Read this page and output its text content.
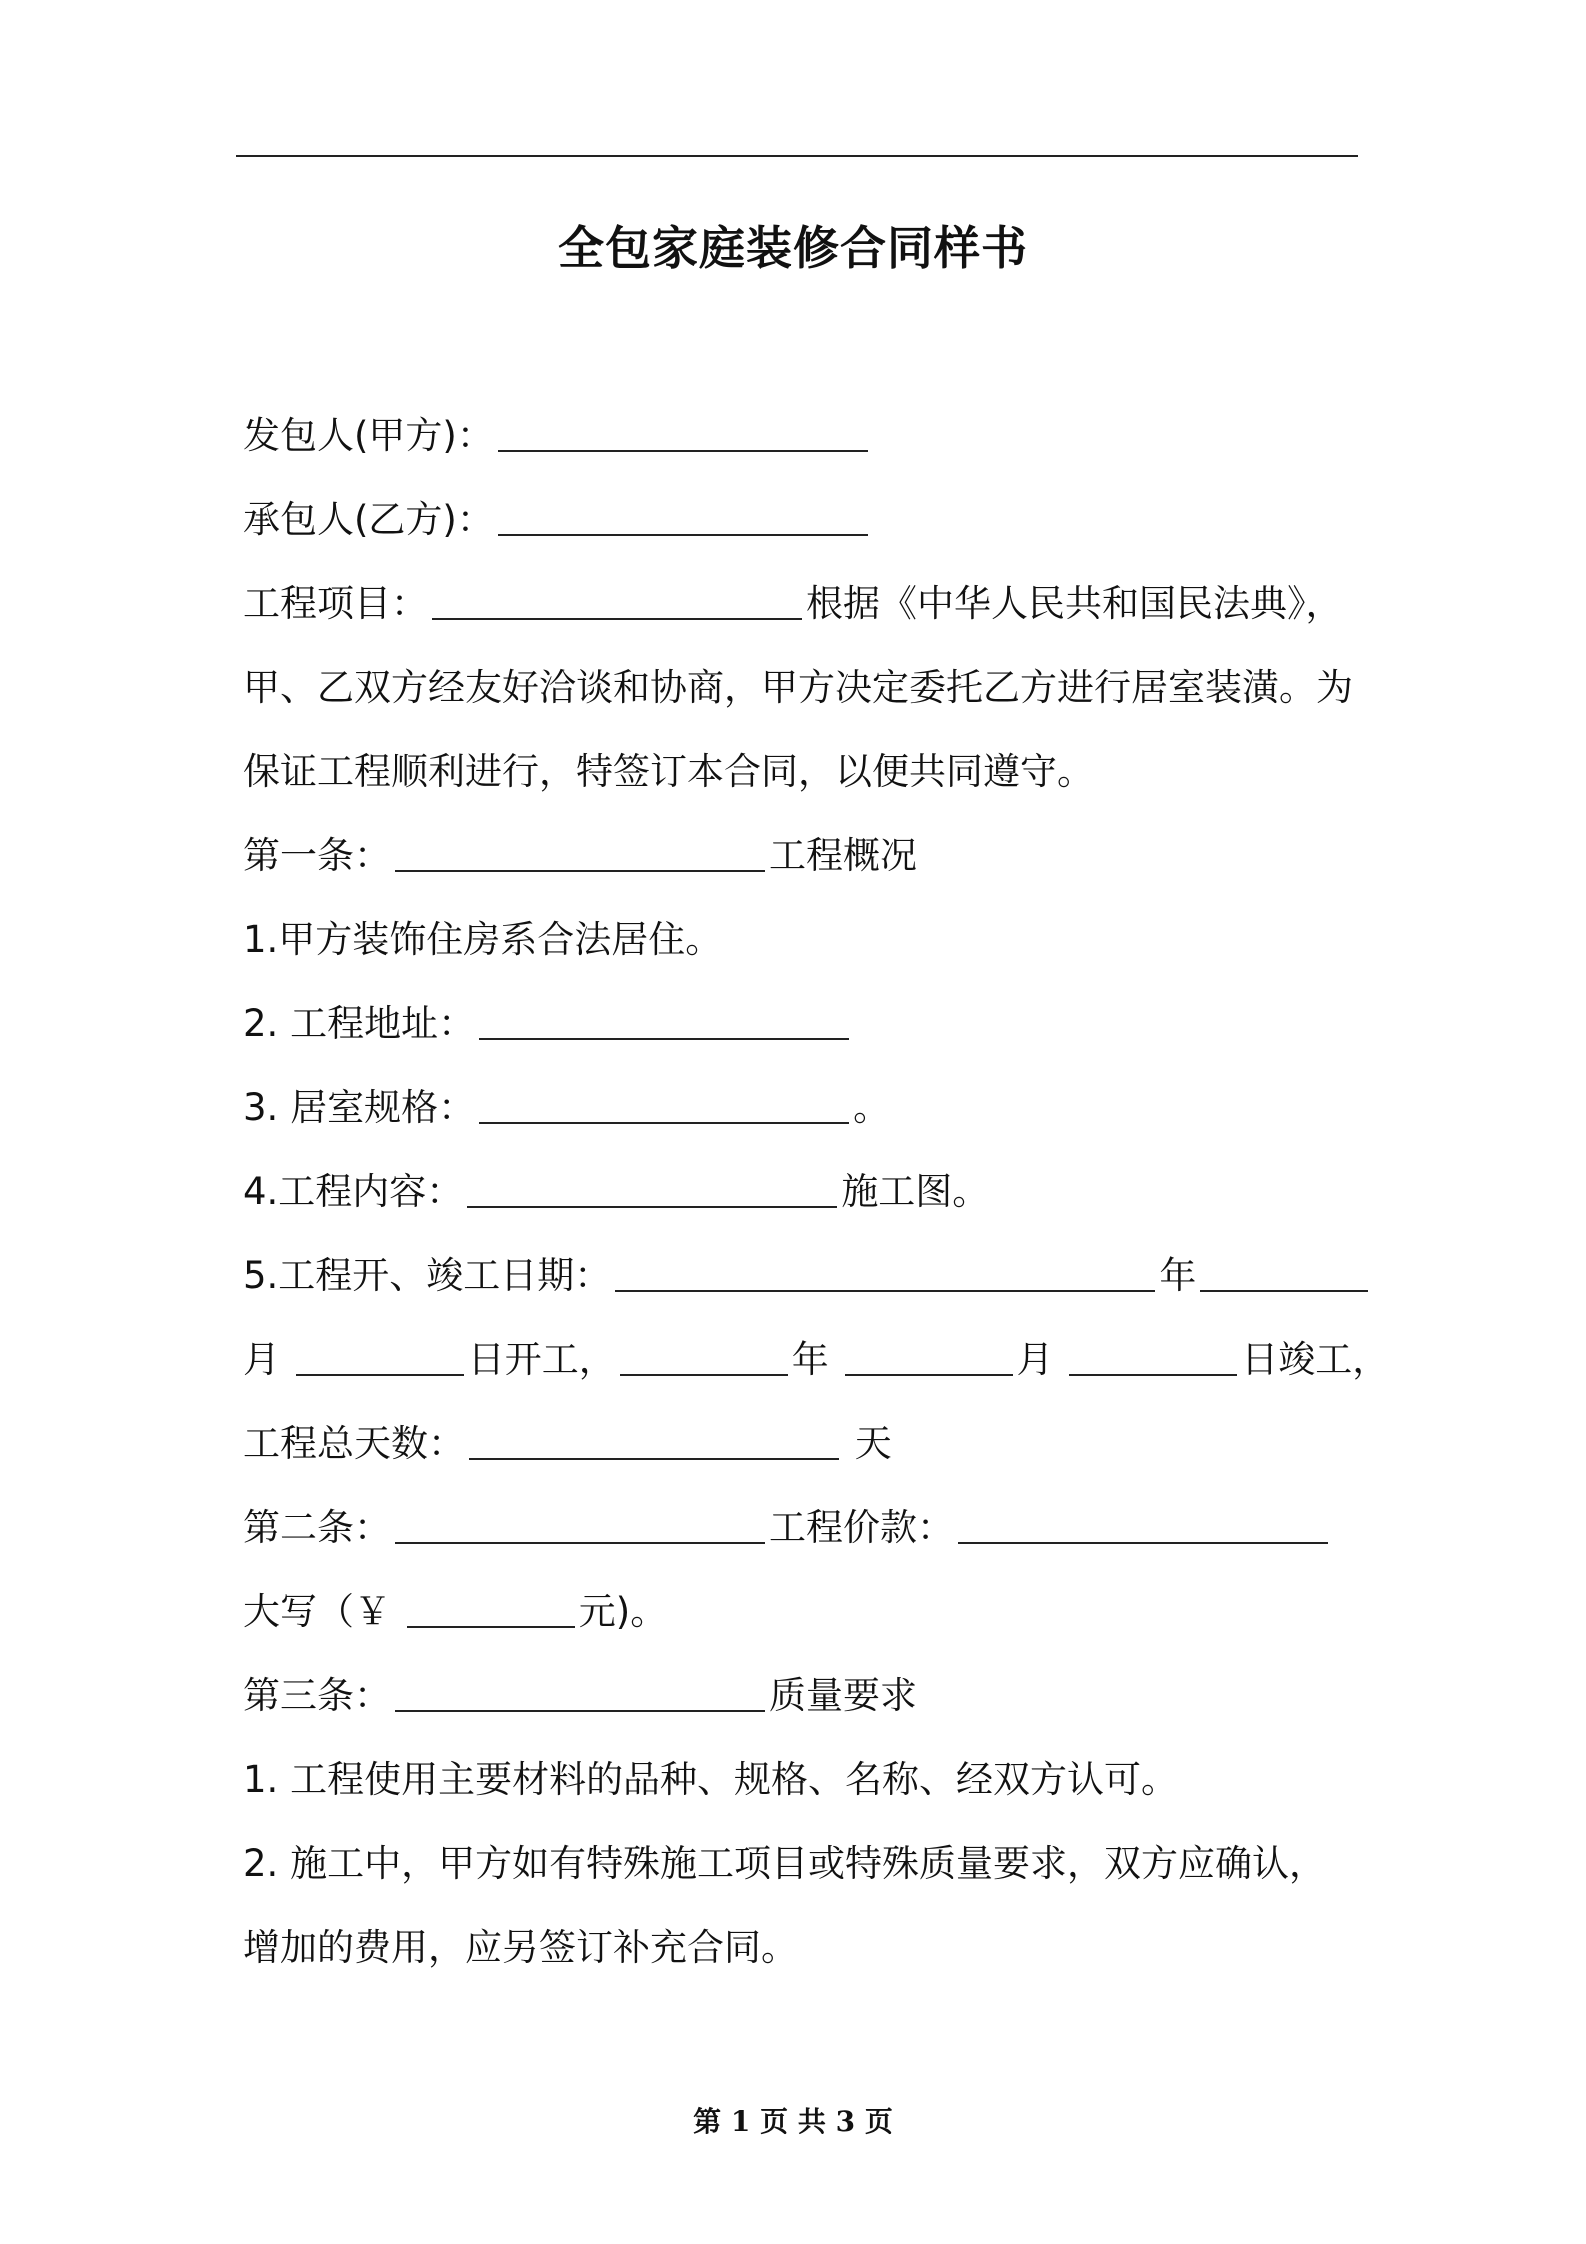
全包家庭装修合同样书
发包人(甲方)：
承包人(乙方)：
工程项目：	根据《中华人民共和国民法典》，
甲、乙双方经友好洽谈和协商，甲方决定委托乙方进行居室装潢。为
保证工程顺利进行，特签订本合同，以便共同遵守。
第一条：	工程概况
1.甲方装饰住房系合法居住。
2. 工程地址：
3. 居室规格：	。
4.工程内容：	施工图。
5.工程开、竣工日期：	年
月	日开工，	年	月	日竣工，
工程总天数：	天
第二条：	工程价款：
大写（￥	元)。
第三条：	质量要求
1. 工程使用主要材料的品种、规格、名称、经双方认可。
2. 施工中，甲方如有特殊施工项目或特殊质量要求，双方应确认，
增加的费用，应另签订补充合同。
第 1 页 共 3 页
